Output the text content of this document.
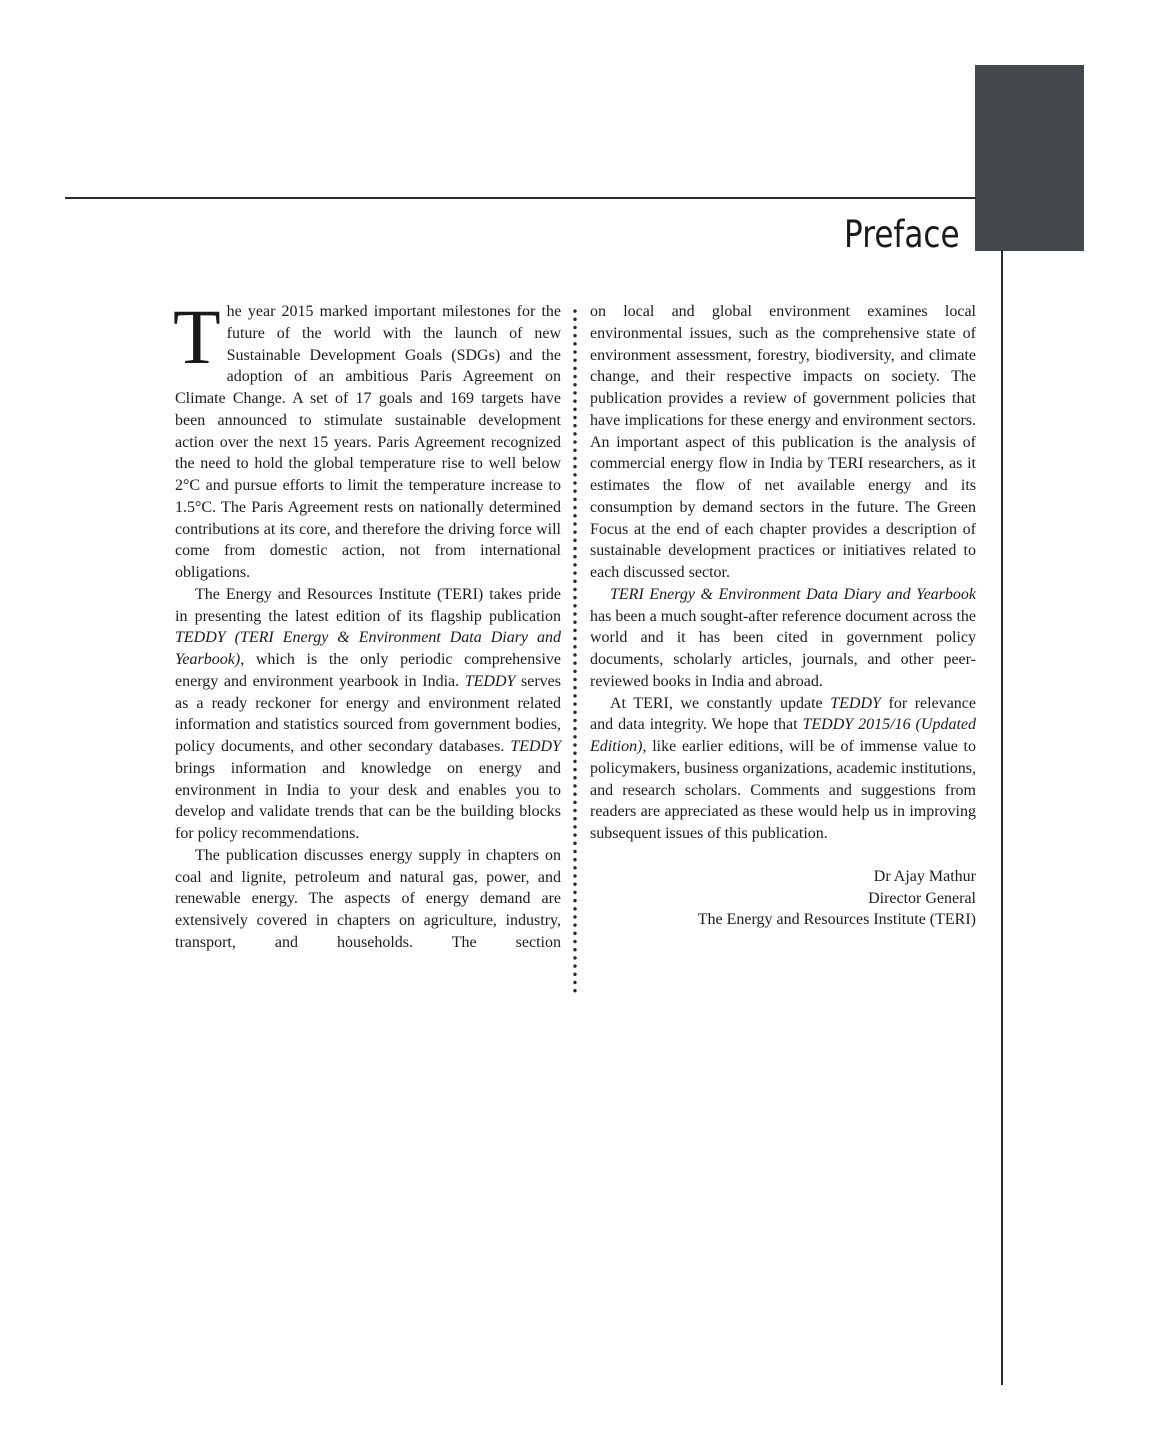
Preface

The year 2015 marked important milestones for the future of the world with the launch of new Sustainable Development Goals (SDGs) and the adoption of an ambitious Paris Agreement on Climate Change. A set of 17 goals and 169 targets have been announced to stimulate sustainable development action over the next 15 years. Paris Agreement recognized the need to hold the global temperature rise to well below 2°C and pursue efforts to limit the temperature increase to 1.5°C. The Paris Agreement rests on nationally determined contributions at its core, and therefore the driving force will come from domestic action, not from international obligations.

The Energy and Resources Institute (TERI) takes pride in presenting the latest edition of its flagship publication TEDDY (TERI Energy & Environment Data Diary and Yearbook), which is the only periodic comprehensive energy and environment yearbook in India. TEDDY serves as a ready reckoner for energy and environment related information and statistics sourced from government bodies, policy documents, and other secondary databases. TEDDY brings information and knowledge on energy and environment in India to your desk and enables you to develop and validate trends that can be the building blocks for policy recommendations.

The publication discusses energy supply in chapters on coal and lignite, petroleum and natural gas, power, and renewable energy. The aspects of energy demand are extensively covered in chapters on agriculture, industry, transport, and households. The section

on local and global environment examines local environmental issues, such as the comprehensive state of environment assessment, forestry, biodiversity, and climate change, and their respective impacts on society. The publication provides a review of government policies that have implications for these energy and environment sectors. An important aspect of this publication is the analysis of commercial energy flow in India by TERI researchers, as it estimates the flow of net available energy and its consumption by demand sectors in the future. The Green Focus at the end of each chapter provides a description of sustainable development practices or initiatives related to each discussed sector.

TERI Energy & Environment Data Diary and Yearbook has been a much sought-after reference document across the world and it has been cited in government policy documents, scholarly articles, journals, and other peer-reviewed books in India and abroad.

At TERI, we constantly update TEDDY for relevance and data integrity. We hope that TEDDY 2015/16 (Updated Edition), like earlier editions, will be of immense value to policymakers, business organizations, academic institutions, and research scholars. Comments and suggestions from readers are appreciated as these would help us in improving subsequent issues of this publication.

Dr Ajay Mathur
Director General
The Energy and Resources Institute (TERI)
